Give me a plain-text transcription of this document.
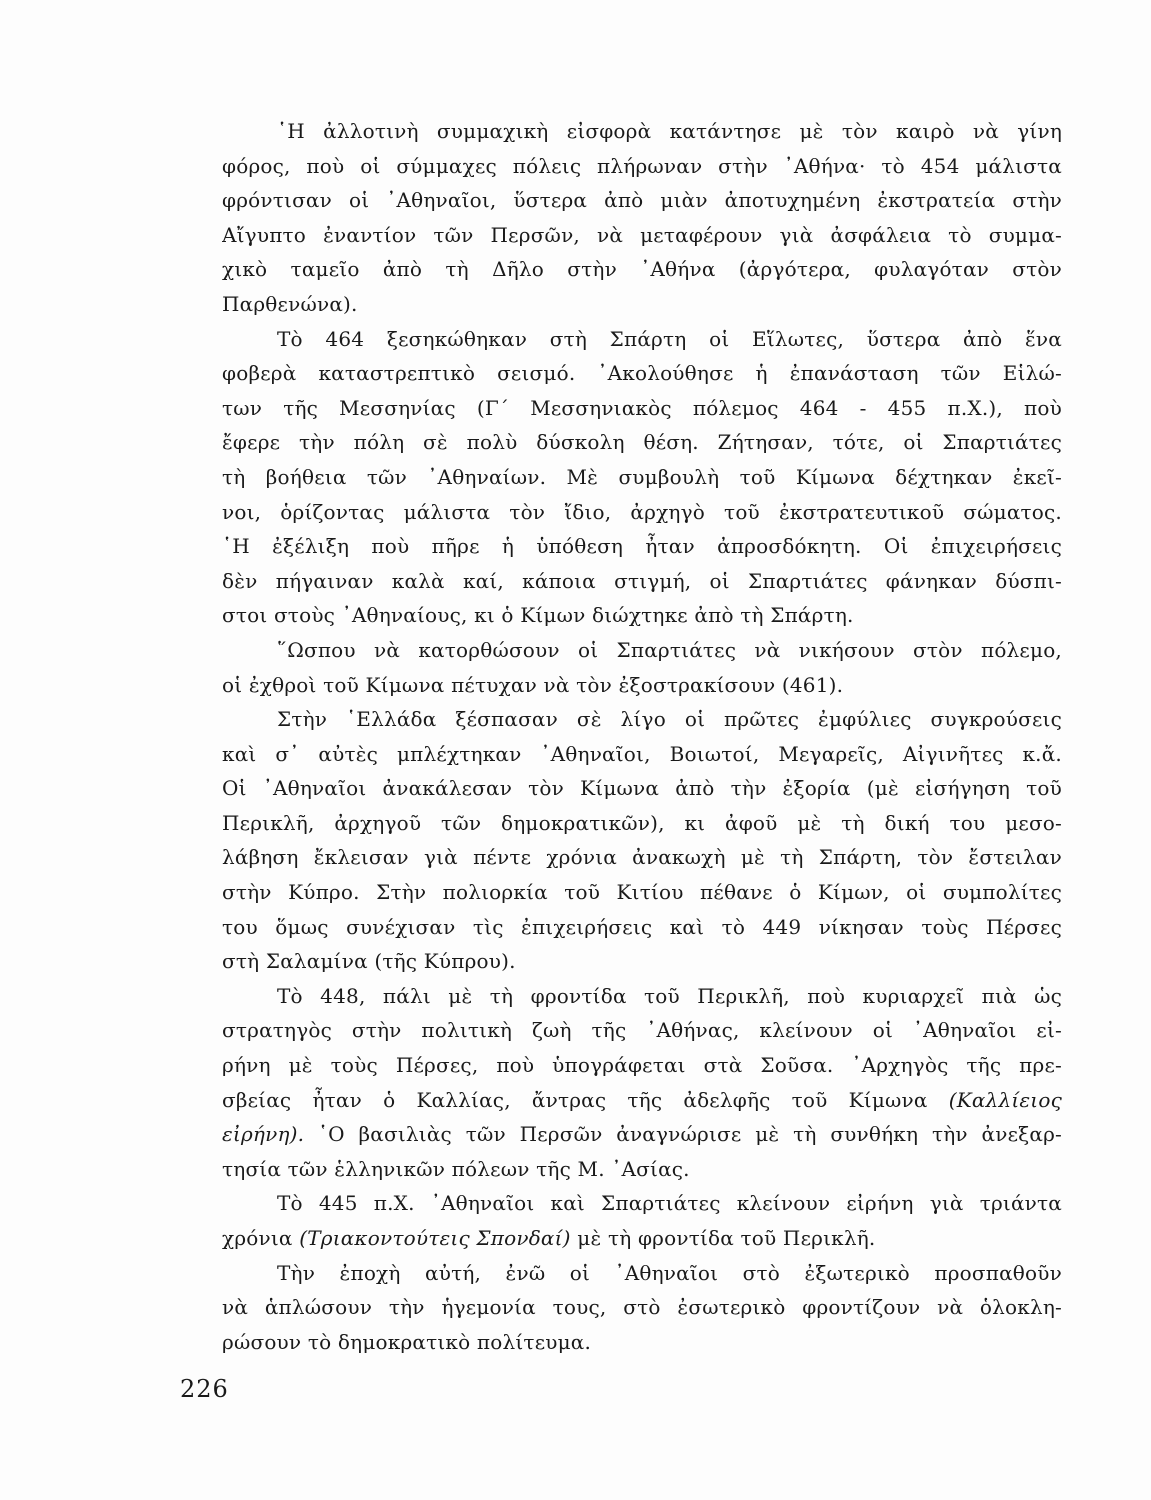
῾Η ἀλλοτινὴ συμμαχικὴ εἰσφορὰ κατάντησε μὲ τὸν καιρὸ νὰ γίνη
φόρος, ποὺ οἱ σύμμαχες πόλεις πλήρωναν στὴν ᾿Αθήνα· τὸ 454 μάλιστα
φρόντισαν οἱ ᾿Αθηναῖοι, ὕστερα ἀπὸ μιὰν ἀποτυχημένη ἐκστρατεία στὴν
Αἴγυπτο ἐναντίον τῶν Περσῶν, νὰ μεταφέρουν γιὰ ἀσφάλεια τὸ συμμα-
χικὸ ταμεῖο ἀπὸ τὴ Δῆλο στὴν ᾿Αθήνα (ἀργότερα, φυλαγόταν στὸν
Παρθενώνα).
Τὸ 464 ξεσηκώθηκαν στὴ Σπάρτη οἱ Εἵλωτες, ὕστερα ἀπὸ ἕνα
φοβερὰ καταστρεπτικὸ σεισμό. ᾿Ακολούθησε ἡ ἐπανάσταση τῶν Εἱλώ-
των τῆς Μεσσηνίας (Γ΄ Μεσσηνιακὸς πόλεμος 464 - 455 π.Χ.), ποὺ
ἔφερε τὴν πόλη σὲ πολὺ δύσκολη θέση. Ζήτησαν, τότε, οἱ Σπαρτιάτες
τὴ βοήθεια τῶν ᾿Αθηναίων. Μὲ συμβουλὴ τοῦ Κίμωνα δέχτηκαν ἐκεῖ-
νοι, ὁρίζοντας μάλιστα τὸν ἴδιο, ἀρχηγὸ τοῦ ἐκστρατευτικοῦ σώματος.
῾Η ἐξέλιξη ποὺ πῆρε ἡ ὑπόθεση ἦταν ἀπροσδόκητη. Οἱ ἐπιχειρήσεις
δὲν πήγαιναν καλὰ καί, κάποια στιγμή, οἱ Σπαρτιάτες φάνηκαν δύσπι-
στοι στοὺς ᾿Αθηναίους, κι ὁ Κίμων διώχτηκε ἀπὸ τὴ Σπάρτη.
῞Ωσπου νὰ κατορθώσουν οἱ Σπαρτιάτες νὰ νικήσουν στὸν πόλεμο,
οἱ ἐχθροὶ τοῦ Κίμωνα πέτυχαν νὰ τὸν ἐξοστρακίσουν (461).
Στὴν ῾Ελλάδα ξέσπασαν σὲ λίγο οἱ πρῶτες ἐμφύλιες συγκρούσεις
καὶ σ᾿ αὐτὲς μπλέχτηκαν ᾿Αθηναῖοι, Βοιωτοί, Μεγαρεῖς, Αἰγινῆτες κ.ἄ.
Οἱ ᾿Αθηναῖοι ἀνακάλεσαν τὸν Κίμωνα ἀπὸ τὴν ἐξορία (μὲ εἰσήγηση τοῦ
Περικλῆ, ἀρχηγοῦ τῶν δημοκρατικῶν), κι ἀφοῦ μὲ τὴ δική του μεσο-
λάβηση ἔκλεισαν γιὰ πέντε χρόνια ἀνακωχὴ μὲ τὴ Σπάρτη, τὸν ἔστειλαν
στὴν Κύπρο. Στὴν πολιορκία τοῦ Κιτίου πέθανε ὁ Κίμων, οἱ συμπολίτες
του ὅμως συνέχισαν τὶς ἐπιχειρήσεις καὶ τὸ 449 νίκησαν τοὺς Πέρσες
στὴ Σαλαμίνα (τῆς Κύπρου).
Τὸ 448, πάλι μὲ τὴ φροντίδα τοῦ Περικλῆ, ποὺ κυριαρχεῖ πιὰ ὡς
στρατηγὸς στὴν πολιτικὴ ζωὴ τῆς ᾿Αθήνας, κλείνουν οἱ ᾿Αθηναῖοι εἰ-
ρήνη μὲ τοὺς Πέρσες, ποὺ ὑπογράφεται στὰ Σοῦσα. ᾿Αρχηγὸς τῆς πρε-
σβείας ἦταν ὁ Καλλίας, ἄντρας τῆς ἀδελφῆς τοῦ Κίμωνα (Καλλίειος
εἰρήνη). ῾Ο βασιλιὰς τῶν Περσῶν ἀναγνώρισε μὲ τὴ συνθήκη τὴν ἀνεξαρ-
τησία τῶν ἑλληνικῶν πόλεων τῆς Μ. ᾿Ασίας.
Τὸ 445 π.Χ. ᾿Αθηναῖοι καὶ Σπαρτιάτες κλείνουν εἰρήνη γιὰ τριάντα
χρόνια (Τριακοντούτεις Σπονδαί) μὲ τὴ φροντίδα τοῦ Περικλῆ.
Τὴν ἐποχὴ αὐτή, ἐνῶ οἱ ᾿Αθηναῖοι στὸ ἐξωτερικὸ προσπαθοῦν
νὰ ἁπλώσουν τὴν ἡγεμονία τους, στὸ ἐσωτερικὸ φροντίζουν νὰ ὁλοκλη-
ρώσουν τὸ δημοκρατικὸ πολίτευμα.
226
